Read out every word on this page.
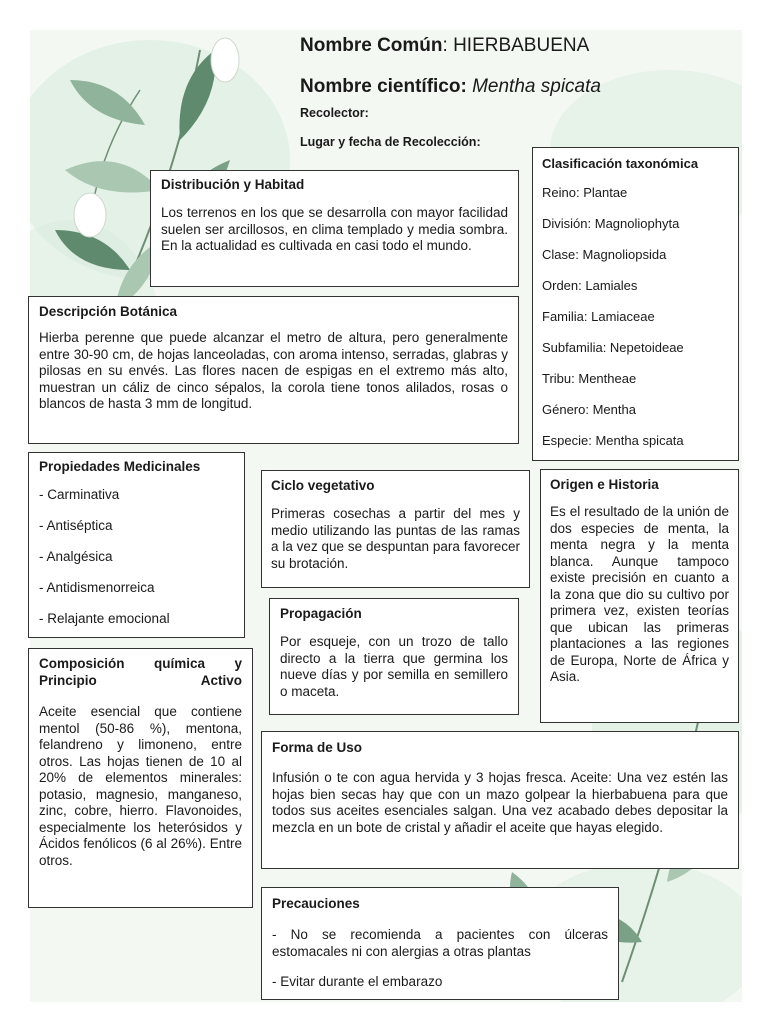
Nombre Común: HIERBABUENA
Nombre científico: Mentha spicata
Recolector:
Lugar y fecha de Recolección:
Distribución y Habitad

Los terrenos en los que se desarrolla con mayor facilidad suelen ser arcillosos, en clima templado y media sombra. En la actualidad es cultivada en casi todo el mundo.

Clasificación taxonómica
Reino: Plantae
División: Magnoliophyta
Clase: Magnoliopsida
Orden: Lamiales
Familia: Lamiaceae
Subfamilia: Nepetoideae
Tribu: Mentheae
Género: Mentha
Especie: Mentha spicata
Descripción Botánica

Hierba perenne que puede alcanzar el metro de altura, pero generalmente entre 30-90 cm, de hojas lanceoladas, con aroma intenso, serradas, glabras y pilosas en su envés. Las flores nacen de espigas en el extremo más alto, muestran un cáliz de cinco sépalos, la corola tiene tonos alilados, rosas o blancos de hasta 3 mm de longitud.

Propiedades Medicinales
- Carminativa
- Antiséptica
- Analgésica
- Antidismenorreica
- Relajante emocional
Ciclo vegetativo

Primeras cosechas a partir del mes y medio utilizando las puntas de las ramas a la vez que se despuntan para favorecer su brotación.

Origen e Historia

Es el resultado de la unión de dos especies de menta, la menta negra y la menta blanca. Aunque tampoco existe precisión en cuanto a la zona que dio su cultivo por primera vez, existen teorías que ubican las primeras plantaciones a las regiones de Europa, Norte de África y Asia.

Propagación

Por esqueje, con un trozo de tallo directo a la tierra que germina los nueve días y por semilla en semillero o maceta.

Composición química y Principio Activo

Aceite esencial que contiene mentol (50-86 %), mentona, felandreno y limoneno, entre otros. Las hojas tienen de 10 al 20% de elementos minerales: potasio, magnesio, manganeso, zinc, cobre, hierro. Flavonoides, especialmente los heterósidos y Ácidos fenólicos (6 al 26%). Entre otros.

Forma de Uso

Infusión o te con agua hervida y 3 hojas fresca. Aceite: Una vez estén las hojas bien secas hay que con un mazo golpear la hierbabuena para que todos sus aceites esenciales salgan. Una vez acabado debes depositar la mezcla en un bote de cristal y añadir el aceite que hayas elegido.

Precauciones

- No se recomienda a pacientes con úlceras estomacales ni con alergias a otras plantas

- Evitar durante el embarazo
